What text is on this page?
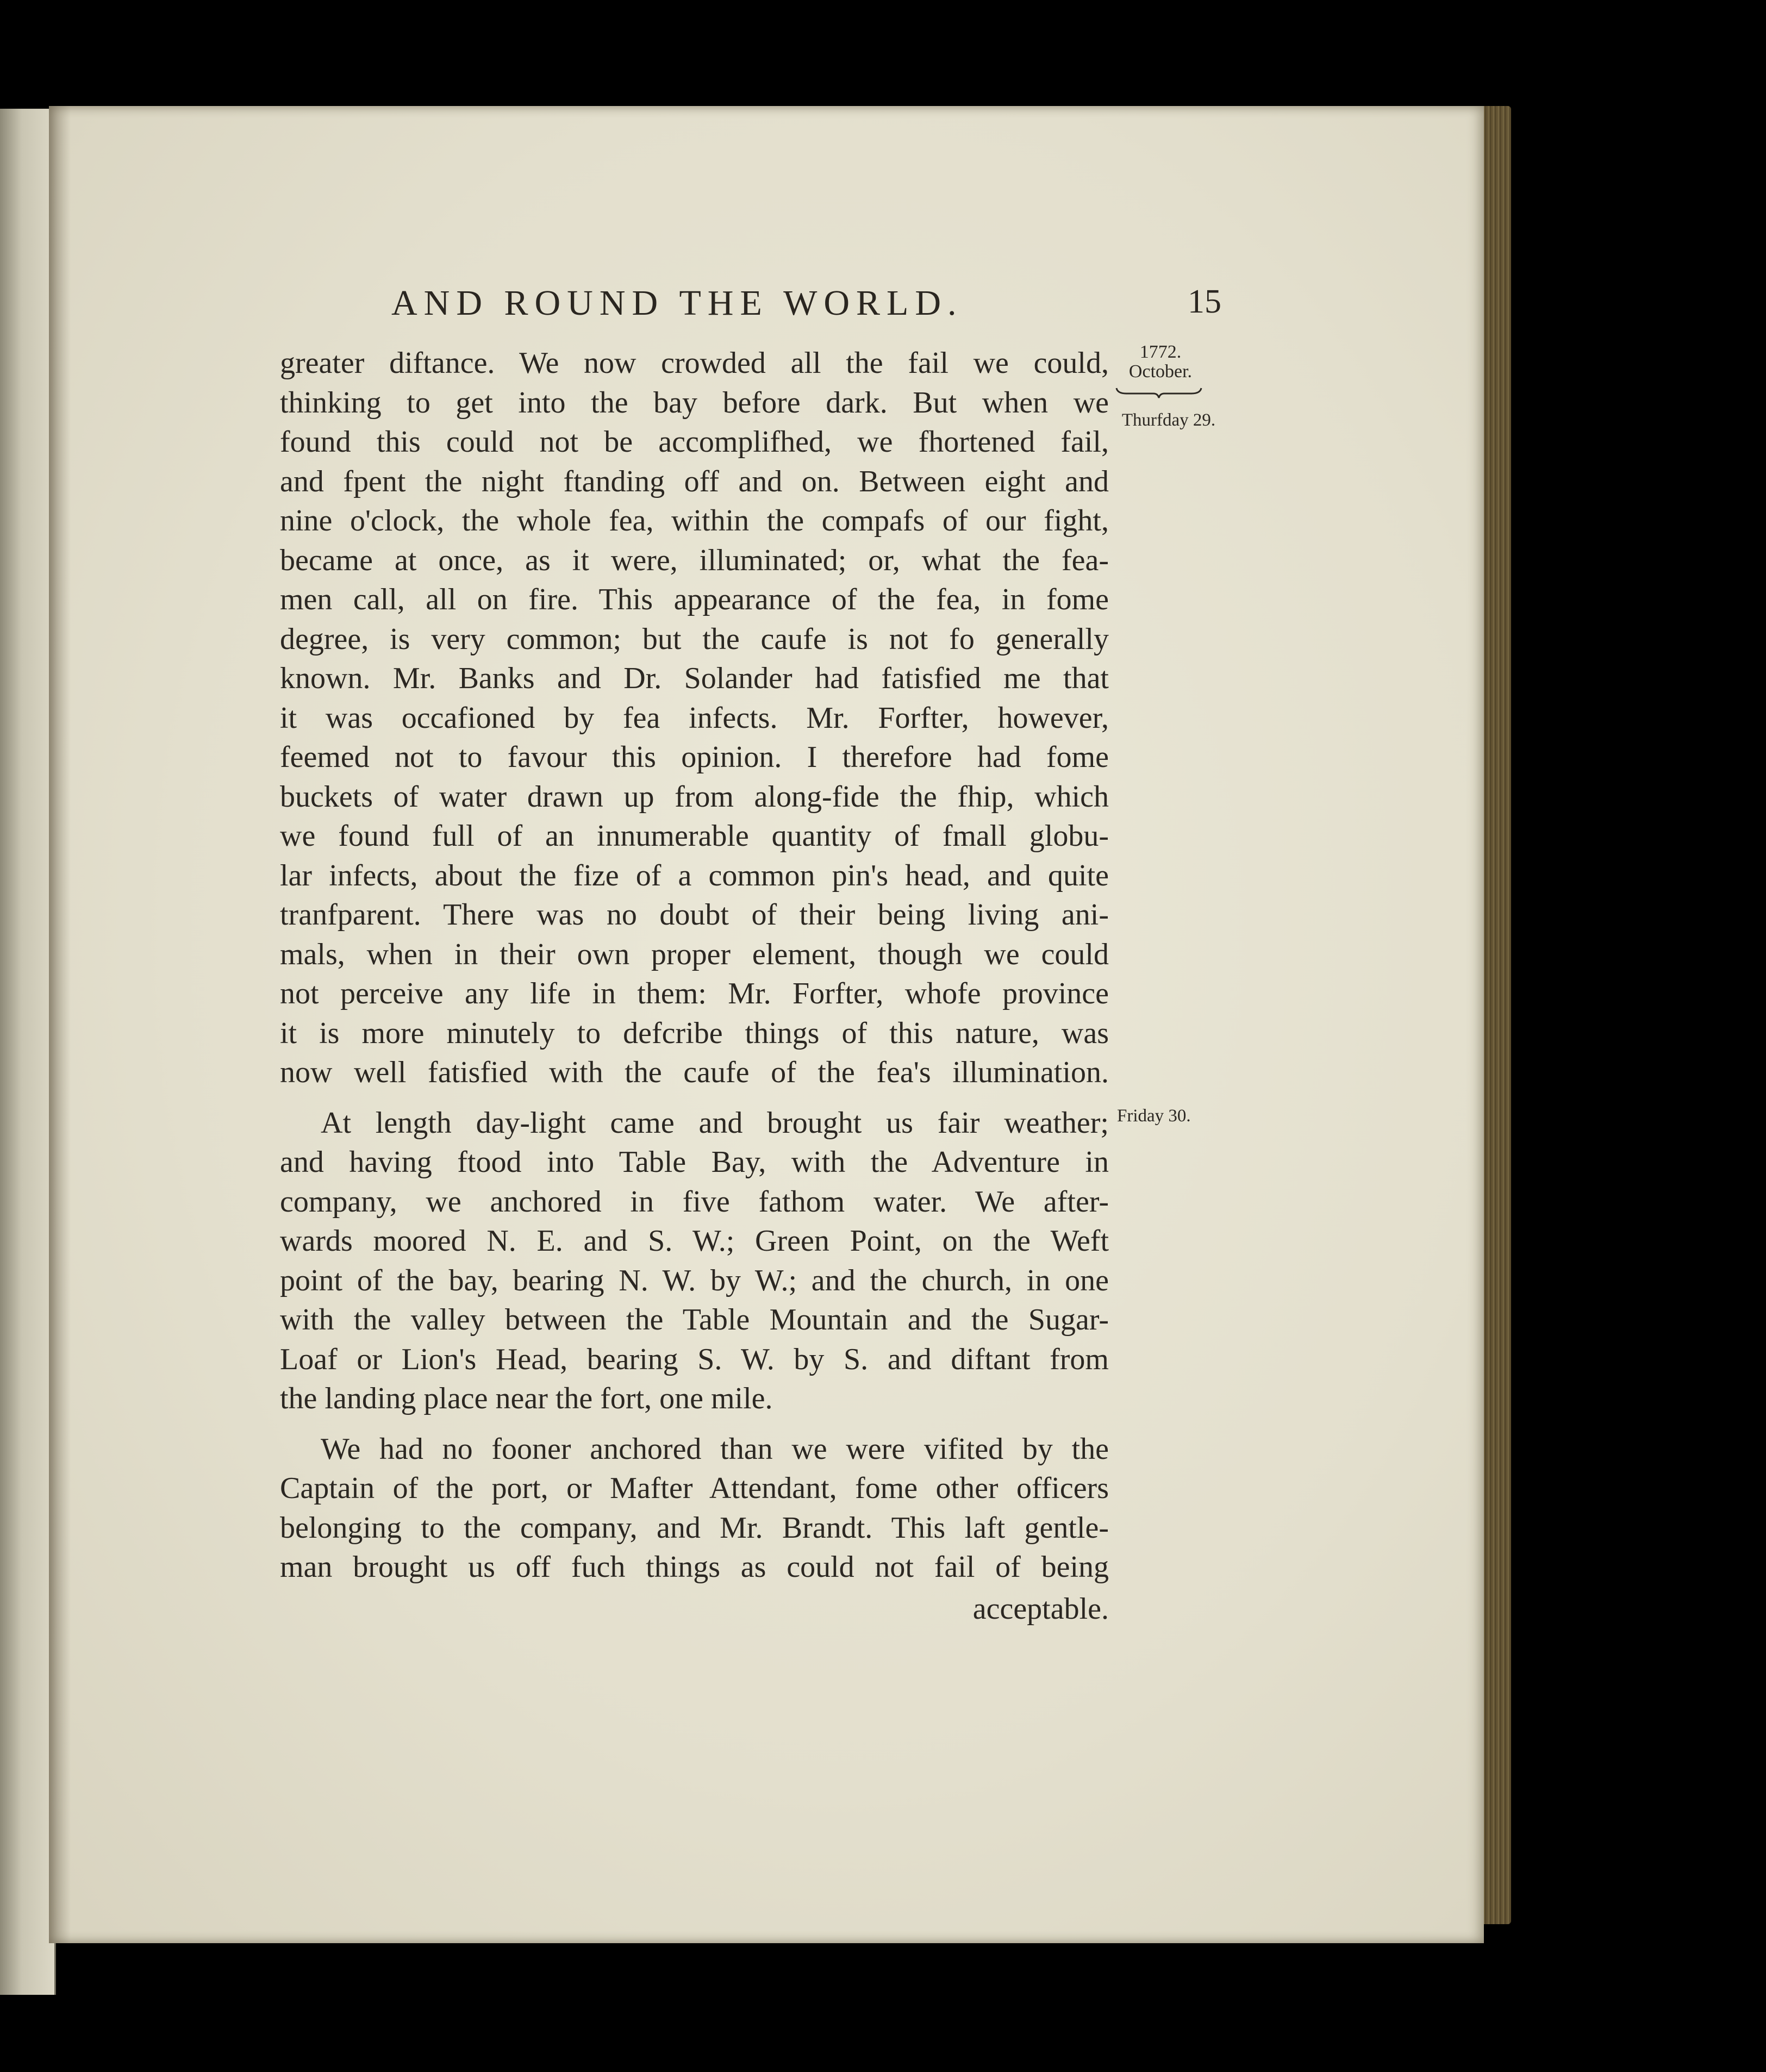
AND ROUND THE WORLD.	15
1772.
October.
Thurfday 29.
Friday 30.
greater diftance. We now crowded all the fail we could,
thinking to get into the bay before dark. But when we
found this could not be accomplifhed, we fhortened fail,
and fpent the night ftanding off and on. Between eight and
nine o'clock, the whole fea, within the compafs of our fight,
became at once, as it were, illuminated; or, what the fea-
men call, all on fire. This appearance of the fea, in fome
degree, is very common; but the caufe is not fo generally
known. Mr. Banks and Dr. Solander had fatisfied me that
it was occafioned by fea infects. Mr. Forfter, however,
feemed not to favour this opinion. I therefore had fome
buckets of water drawn up from along-fide the fhip, which
we found full of an innumerable quantity of fmall globu-
lar infects, about the fize of a common pin's head, and quite
tranfparent. There was no doubt of their being living ani-
mals, when in their own proper element, though we could
not perceive any life in them: Mr. Forfter, whofe province
it is more minutely to defcribe things of this nature, was
now well fatisfied with the caufe of the fea's illumination.
At length day-light came and brought us fair weather;
and having ftood into Table Bay, with the Adventure in
company, we anchored in five fathom water. We after-
wards moored N. E. and S. W.; Green Point, on the Weft
point of the bay, bearing N. W. by W.; and the church, in one
with the valley between the Table Mountain and the Sugar-
Loaf or Lion's Head, bearing S. W. by S. and diftant from
the landing place near the fort, one mile.
We had no fooner anchored than we were vifited by the
Captain of the port, or Mafter Attendant, fome other officers
belonging to the company, and Mr. Brandt. This laft gentle-
man brought us off fuch things as could not fail of being
acceptable.
